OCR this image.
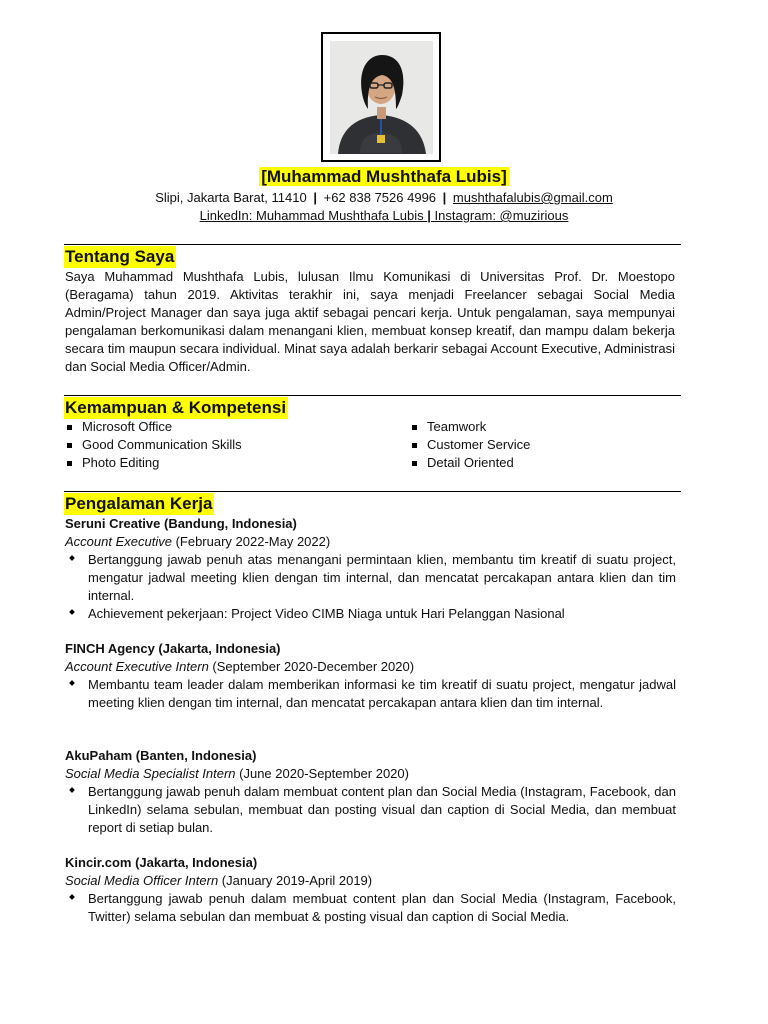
[Muhammad Mushthafa Lubis]
Slipi, Jakarta Barat, 11410 | +62 838 7526 4996 | mushthafalubis@gmail.com
LinkedIn: Muhammad Mushthafa Lubis | Instagram: @muzirious
Tentang Saya
Saya Muhammad Mushthafa Lubis, lulusan Ilmu Komunikasi di Universitas Prof. Dr. Moestopo (Beragama) tahun 2019. Aktivitas terakhir ini, saya menjadi Freelancer sebagai Social Media Admin/Project Manager dan saya juga aktif sebagai pencari kerja. Untuk pengalaman, saya mempunyai pengalaman berkomunikasi dalam menangani klien, membuat konsep kreatif, dan mampu dalam bekerja secara tim maupun secara individual. Minat saya adalah berkarir sebagai Account Executive, Administrasi dan Social Media Officer/Admin.
Kemampuan & Kompetensi
Microsoft Office
Good Communication Skills
Photo Editing
Teamwork
Customer Service
Detail Oriented
Pengalaman Kerja
Seruni Creative (Bandung, Indonesia)
Account Executive (February 2022-May 2022)
Bertanggung jawab penuh atas menangani permintaan klien, membantu tim kreatif di suatu project, mengatur jadwal meeting klien dengan tim internal, dan mencatat percakapan antara klien dan tim internal.
Achievement pekerjaan: Project Video CIMB Niaga untuk Hari Pelanggan Nasional
FINCH Agency (Jakarta, Indonesia)
Account Executive Intern (September 2020-December 2020)
Membantu team leader dalam memberikan informasi ke tim kreatif di suatu project, mengatur jadwal meeting klien dengan tim internal, dan mencatat percakapan antara klien dan tim internal.
AkuPaham (Banten, Indonesia)
Social Media Specialist Intern (June 2020-September 2020)
Bertanggung jawab penuh dalam membuat content plan dan Social Media (Instagram, Facebook, dan LinkedIn) selama sebulan, membuat dan posting visual dan caption di Social Media, dan membuat report di setiap bulan.
Kincir.com (Jakarta, Indonesia)
Social Media Officer Intern (January 2019-April 2019)
Bertanggung jawab penuh dalam membuat content plan dan Social Media (Instagram, Facebook, Twitter) selama sebulan dan membuat & posting visual dan caption di Social Media.
